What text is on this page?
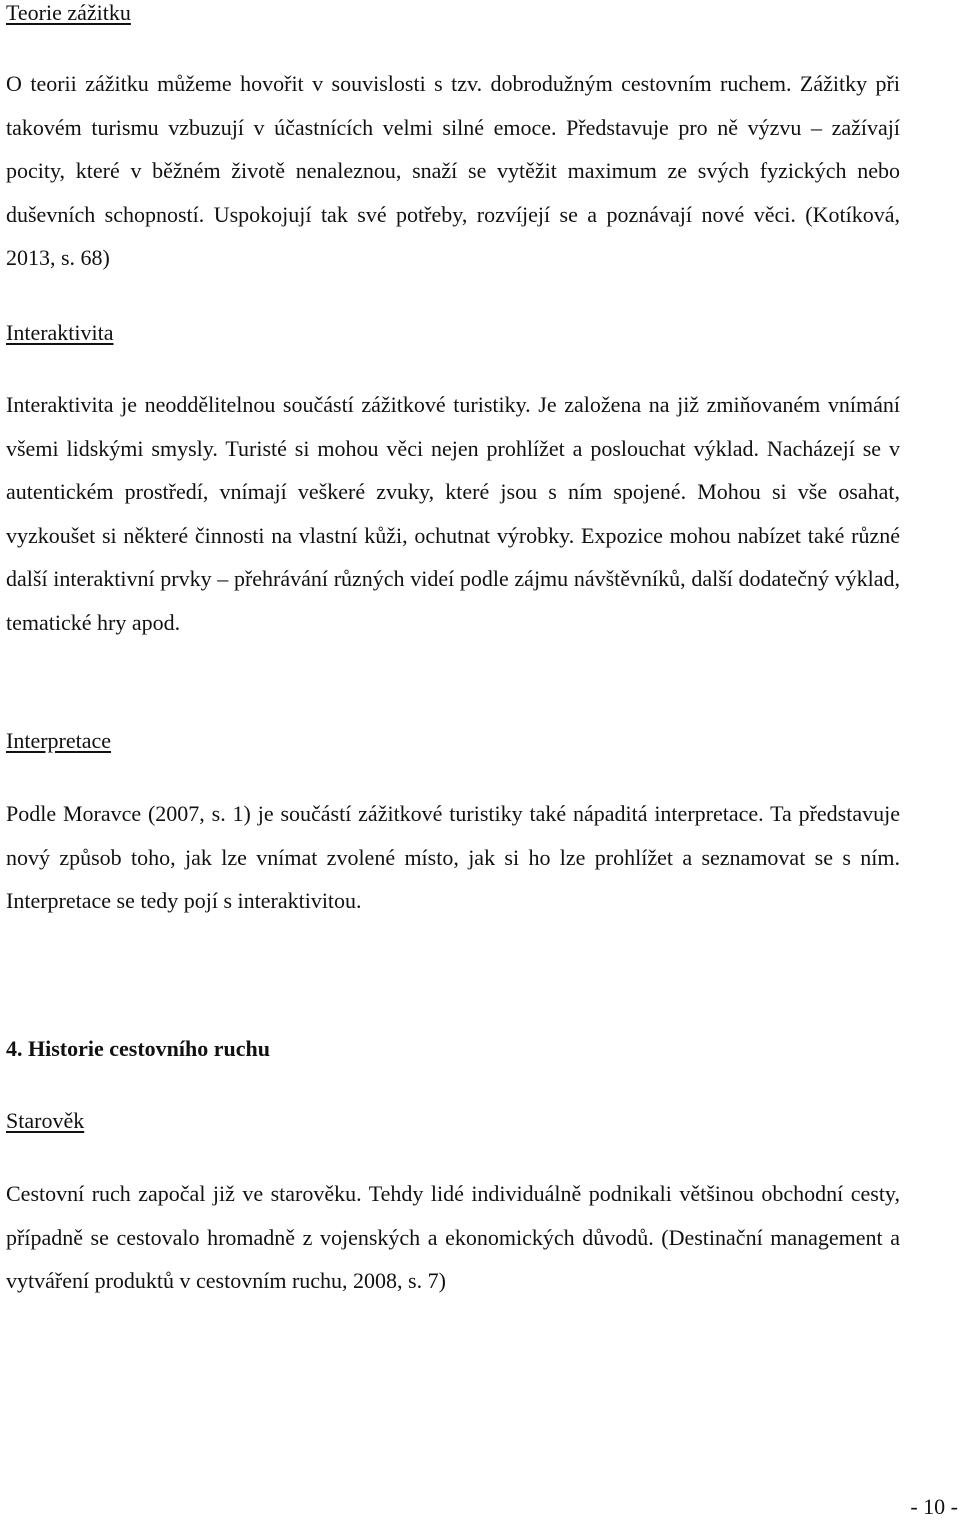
Teorie zážitku

O teorii zážitku můžeme hovořit v souvislosti s tzv. dobrodužným cestovním ruchem. Zážitky při takovém turismu vzbuzují v účastnících velmi silné emoce. Představuje pro ně výzvu – zažívají pocity, které v běžném životě nenaleznou, snaží se vytěžit maximum ze svých fyzických nebo duševních schopností. Uspokojují tak své potřeby, rozvíjejí se a poznávají nové věci. (Kotíková, 2013, s. 68)

Interaktivita

Interaktivita je neoddělitelnou součástí zážitkové turistiky. Je založena na již zmiňovaném vnímání všemi lidskými smysly. Turisté si mohou věci nejen prohlížet a poslouchat výklad. Nacházejí se v autentickém prostředí, vnímají veškeré zvuky, které jsou s ním spojené. Mohou si vše osahat, vyzkoušet si některé činnosti na vlastní kůži, ochutnat výrobky. Expozice mohou nabízet také různé další interaktivní prvky – přehrávání různých videí podle zájmu návštěvníků, další dodatečný výklad, tematické hry apod.

Interpretace

Podle Moravce (2007, s. 1) je součástí zážitkové turistiky také nápaditá interpretace. Ta představuje nový způsob toho, jak lze vnímat zvolené místo, jak si ho lze prohlížet a seznamovat se s ním. Interpretace se tedy pojí s interaktivitou.

4. Historie cestovního ruchu
Starověk

Cestovní ruch započal již ve starověku. Tehdy lidé individuálně podnikali většinou obchodní cesty, případně se cestovalo hromadně z vojenských a ekonomických důvodů. (Destinační management a vytváření produktů v cestovním ruchu, 2008, s. 7)

- 10 -
